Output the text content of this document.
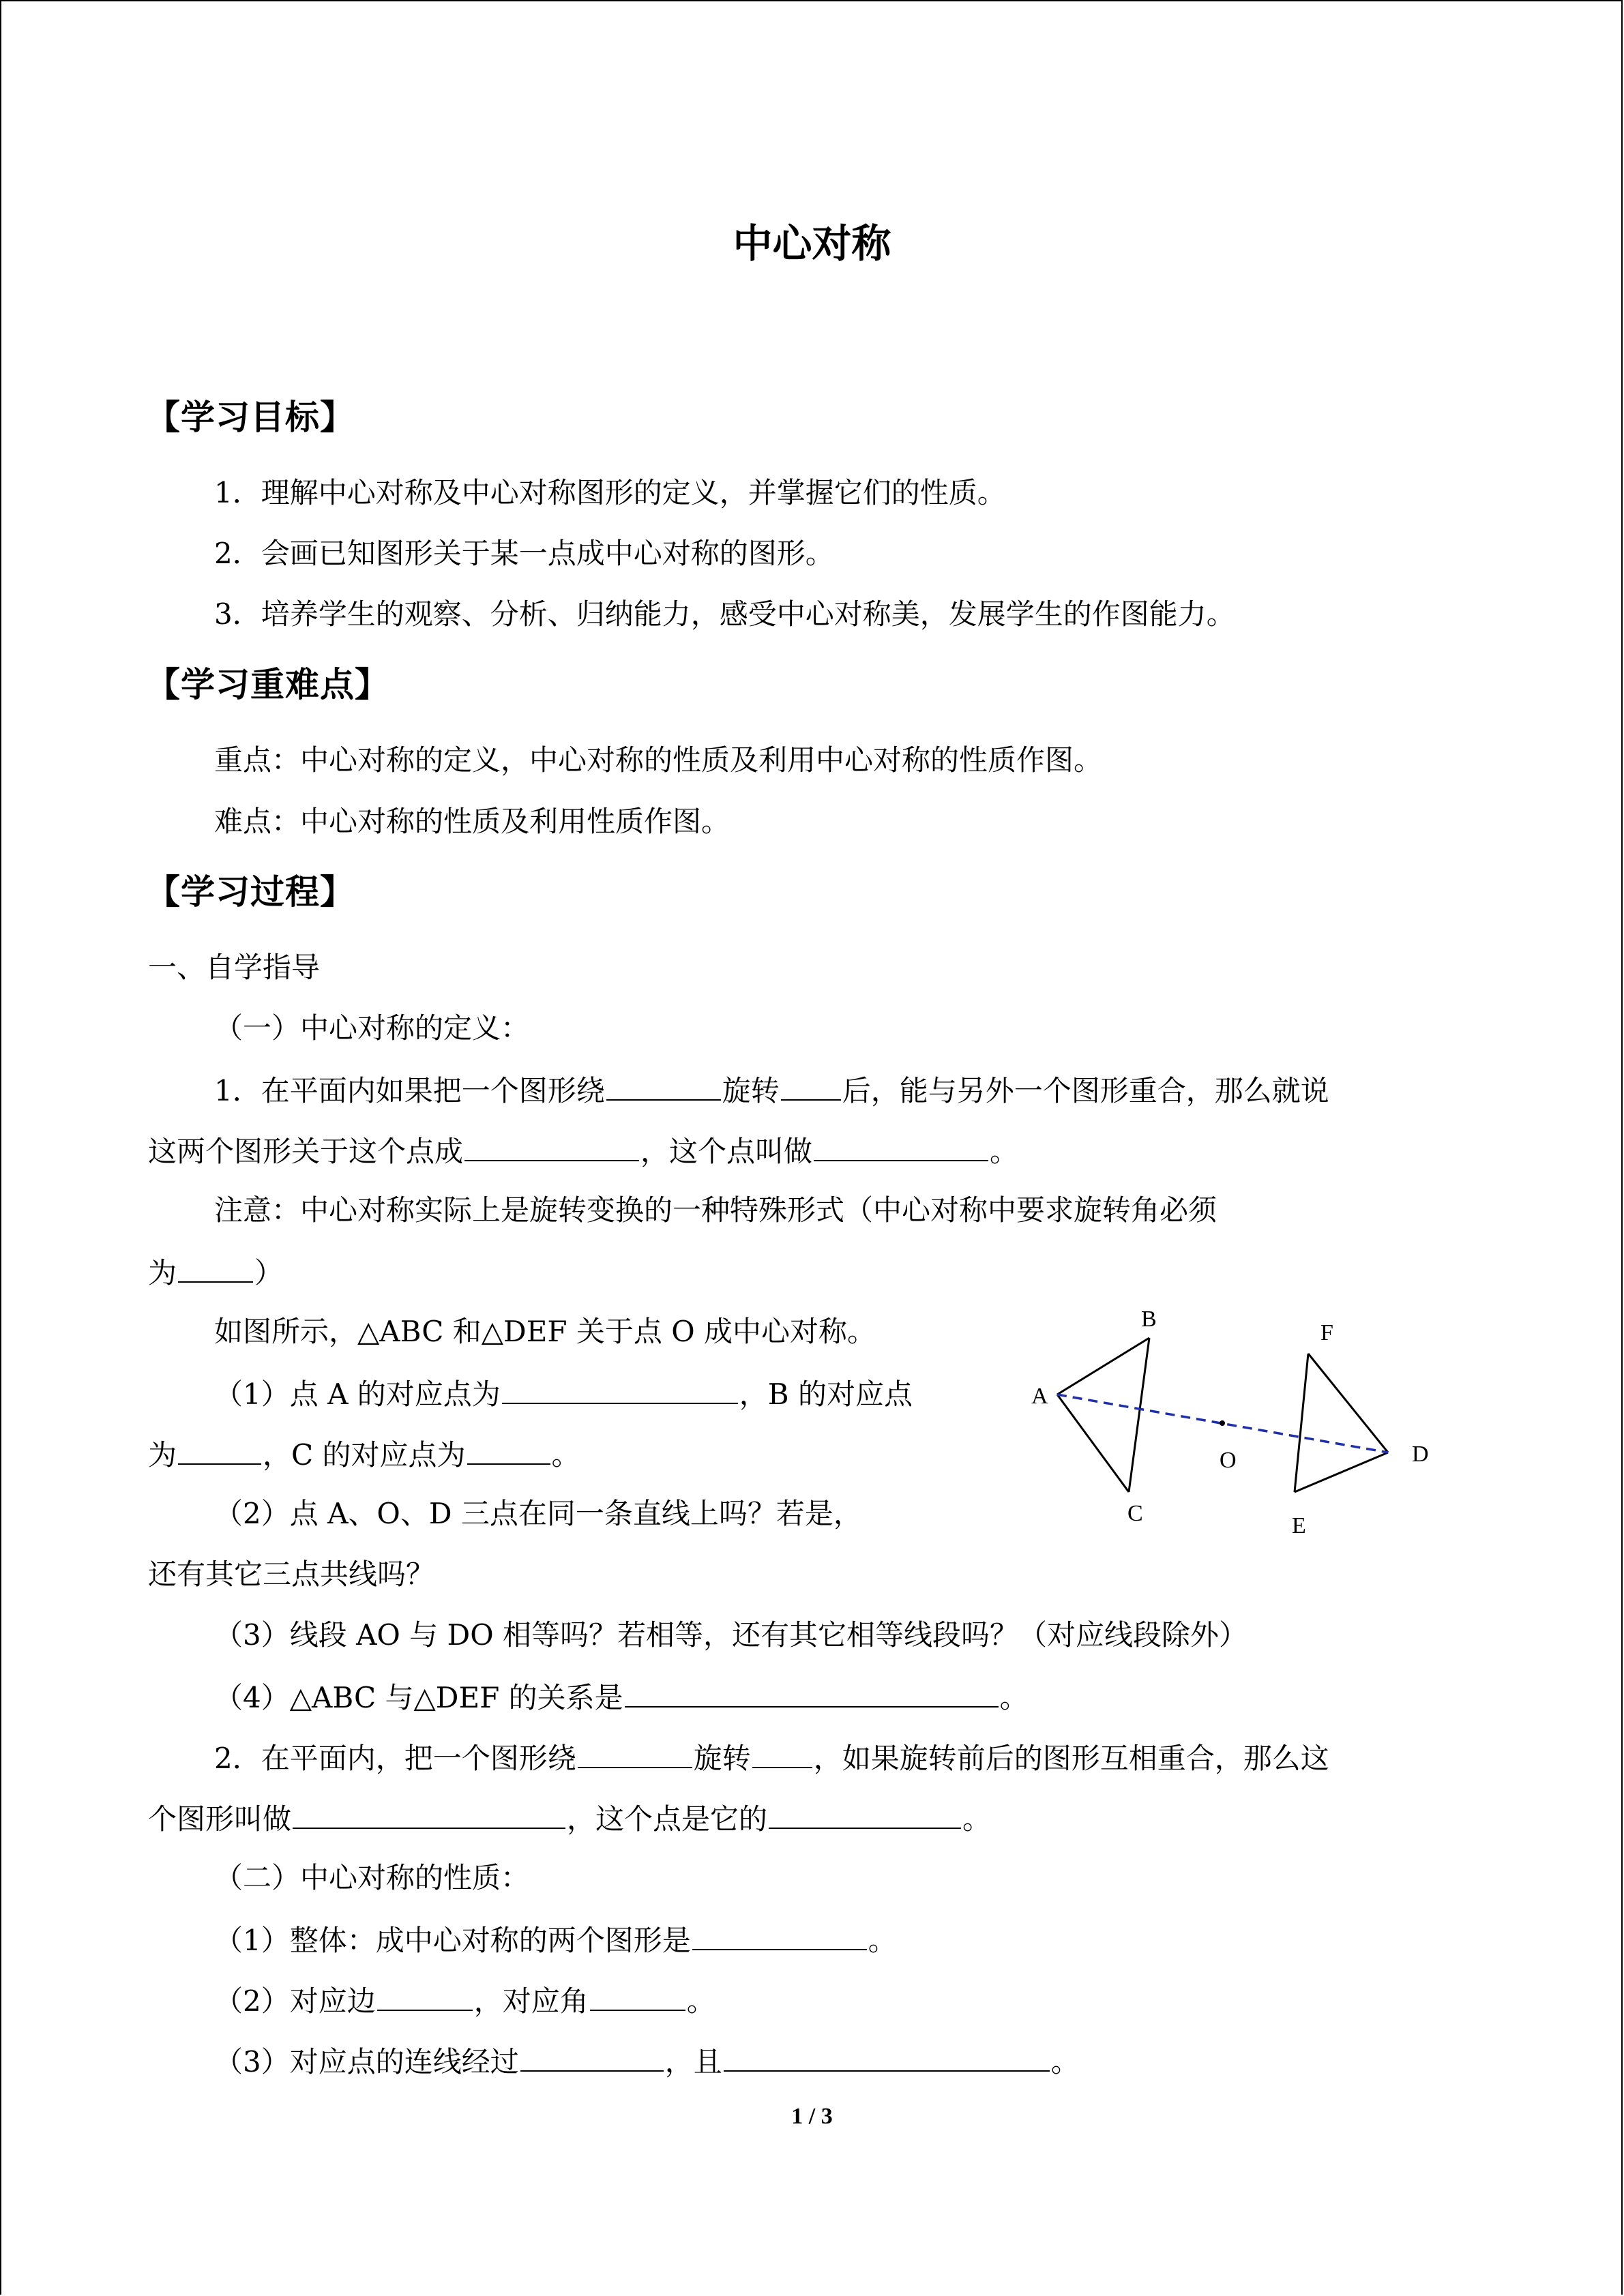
中心对称
【学习目标】
1．理解中心对称及中心对称图形的定义，并掌握它们的性质。
2．会画已知图形关于某一点成中心对称的图形。
3．培养学生的观察、分析、归纳能力，感受中心对称美，发展学生的作图能力。
【学习重难点】
重点：中心对称的定义，中心对称的性质及利用中心对称的性质作图。
难点：中心对称的性质及利用性质作图。
【学习过程】
一、自学指导
（一）中心对称的定义：
1．在平面内如果把一个图形绕	旋转 后，能与另外一个图形重合，那么就说
这两个图形关于这个点成	，这个点叫做	。
注意：中心对称实际上是旋转变换的一种特殊形式（中心对称中要求旋转角必须
为	）
如图所示，△ABC 和△DEF 关于点 O 成中心对称。
（1）点 A 的对应点为	，B 的对应点
为	，C 的对应点为	。
（2）点 A、O、D 三点在同一条直线上吗？若是，
还有其它三点共线吗？
（3）线段 AO 与 DO 相等吗？若相等，还有其它相等线段吗？（对应线段除外）
（4）△ABC 与△DEF 的关系是	。
2．在平面内，把一个图形绕	旋转 ，如果旋转前后的图形互相重合，那么这
个图形叫做	，这个点是它的	。
（二）中心对称的性质：
（1）整体：成中心对称的两个图形是	。
（2）对应边	，对应角	。
（3）对应点的连线经过	，且	。
A
B
C
D
E
F
O
1 / 3
